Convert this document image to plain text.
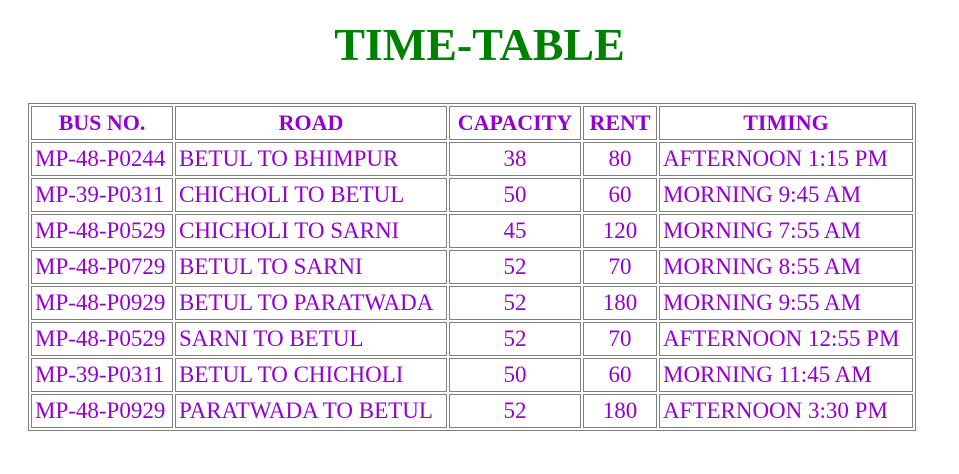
TIME-TABLE
BUS NO.	ROAD	CAPACITY	RENT	TIMING
MP-48-P0244	BETUL TO BHIMPUR	38	80	AFTERNOON 1:15 PM
MP-39-P0311	CHICHOLI TO BETUL	50	60	MORNING 9:45 AM
MP-48-P0529	CHICHOLI TO SARNI	45	120	MORNING 7:55 AM
MP-48-P0729	BETUL TO SARNI	52	70	MORNING 8:55 AM
MP-48-P0929	BETUL TO PARATWADA	52	180	MORNING 9:55 AM
MP-48-P0529	SARNI TO BETUL	52	70	AFTERNOON 12:55 PM
MP-39-P0311	BETUL TO CHICHOLI	50	60	MORNING 11:45 AM
MP-48-P0929	PARATWADA TO BETUL	52	180	AFTERNOON 3:30 PM
